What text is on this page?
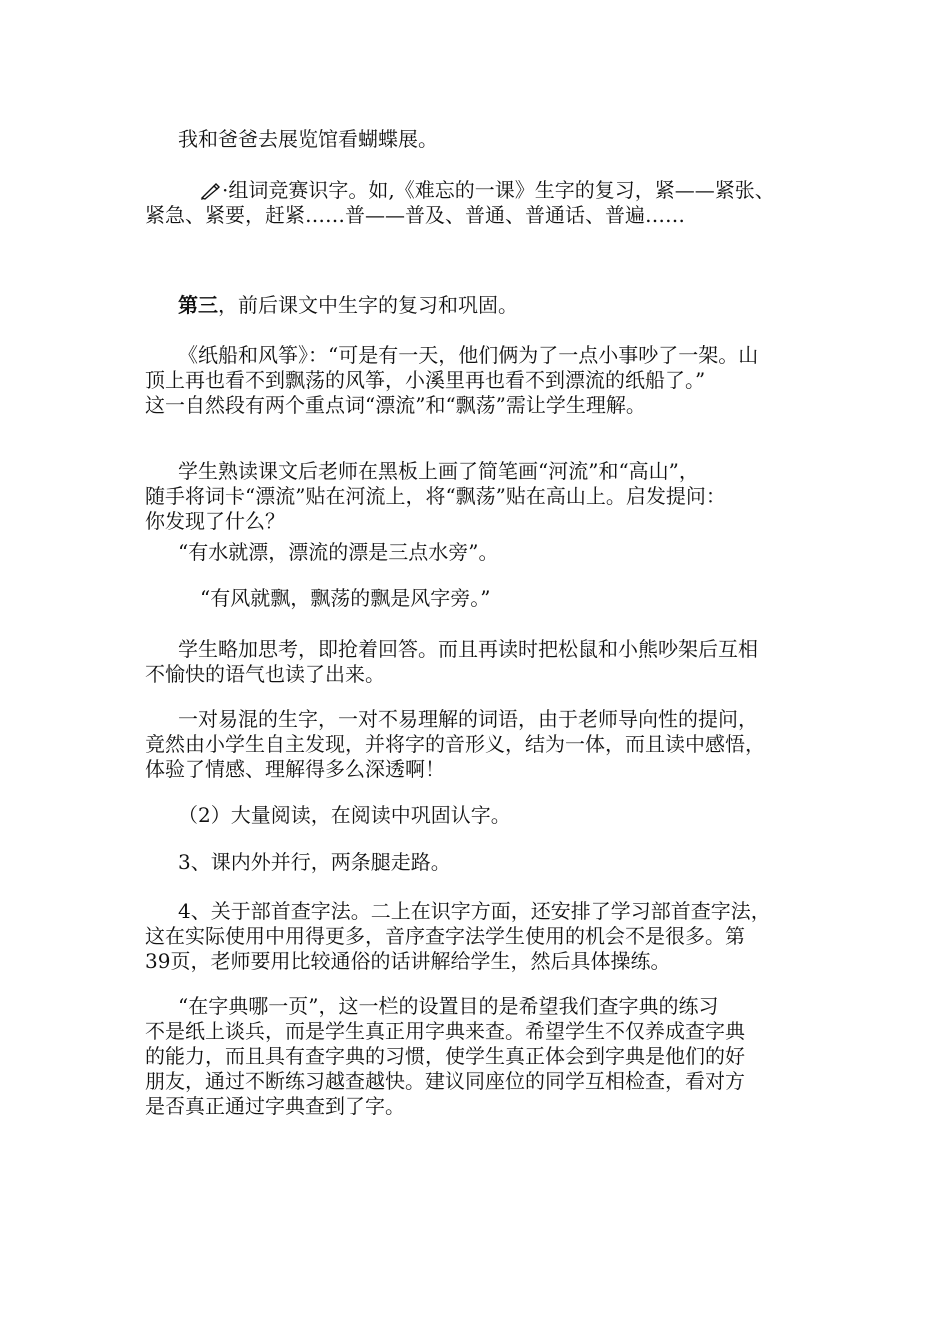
我和爸爸去展览馆看蝴蝶展。

·组词竞赛识字。如,《难忘的一课》生字的复习，紧——紧张、
紧急、紧要，赶紧……普——普及、普通、普通话、普遍……

第三，前后课文中生字的复习和巩固。

《纸船和风筝》：“可是有一天，他们俩为了一点小事吵了一架。山
顶上再也看不到飘荡的风筝，小溪里再也看不到漂流的纸船了。”
这一自然段有两个重点词“漂流”和“飘荡”需让学生理解。

学生熟读课文后老师在黑板上画了简笔画“河流”和“高山”，
随手将词卡“漂流”贴在河流上，将“飘荡”贴在高山上。启发提问：
你发现了什么？

“有水就漂，漂流的漂是三点水旁”。

“有风就飘，飘荡的飘是风字旁。”

学生略加思考，即抢着回答。而且再读时把松鼠和小熊吵架后互相
不愉快的语气也读了出来。

一对易混的生字，一对不易理解的词语，由于老师导向性的提问，
竟然由小学生自主发现，并将字的音形义，结为一体，而且读中感悟，
体验了情感、理解得多么深透啊！

（2）大量阅读，在阅读中巩固认字。

3、课内外并行，两条腿走路。

4、关于部首查字法。二上在识字方面，还安排了学习部首查字法，
这在实际使用中用得更多，音序查字法学生使用的机会不是很多。第
39页，老师要用比较通俗的话讲解给学生，然后具体操练。

“在字典哪一页”，这一栏的设置目的是希望我们查字典的练习
不是纸上谈兵，而是学生真正用字典来查。希望学生不仅养成查字典
的能力，而且具有查字典的习惯，使学生真正体会到字典是他们的好
朋友，通过不断练习越查越快。建议同座位的同学互相检查，看对方
是否真正通过字典查到了字。
